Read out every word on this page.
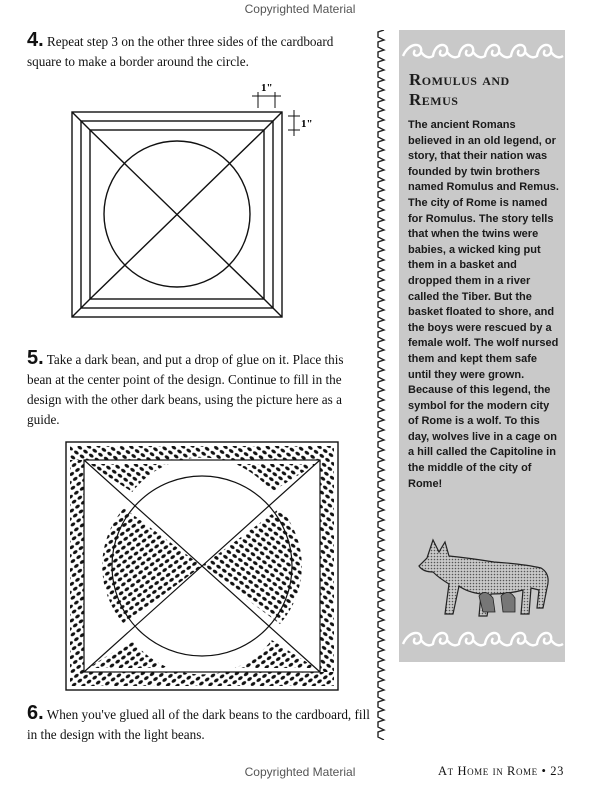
Copyrighted Material
4. Repeat step 3 on the other three sides of the cardboard square to make a border around the circle.
1"
1"
5. Take a dark bean, and put a drop of glue on it. Place this bean at the center point of the design. Continue to fill in the design with the other dark beans, using the picture here as a guide.
6. When you've glued all of the dark beans to the cardboard, fill in the design with the light beans.
Romulus and
Remus
The ancient Romans believed in an old legend, or story, that their nation was founded by twin brothers named Romulus and Remus. The city of Rome is named for Romulus. The story tells that when the twins were babies, a wicked king put them in a basket and dropped them in a river called the Tiber. But the basket floated to shore, and the boys were rescued by a female wolf. The wolf nursed them and kept them safe until they were grown. Because of this legend, the symbol for the modern city of Rome is a wolf. To this day, wolves live in a cage on a hill called the Capitoline in the middle of the city of Rome!
Copyrighted Material	At Home in Rome • 23
